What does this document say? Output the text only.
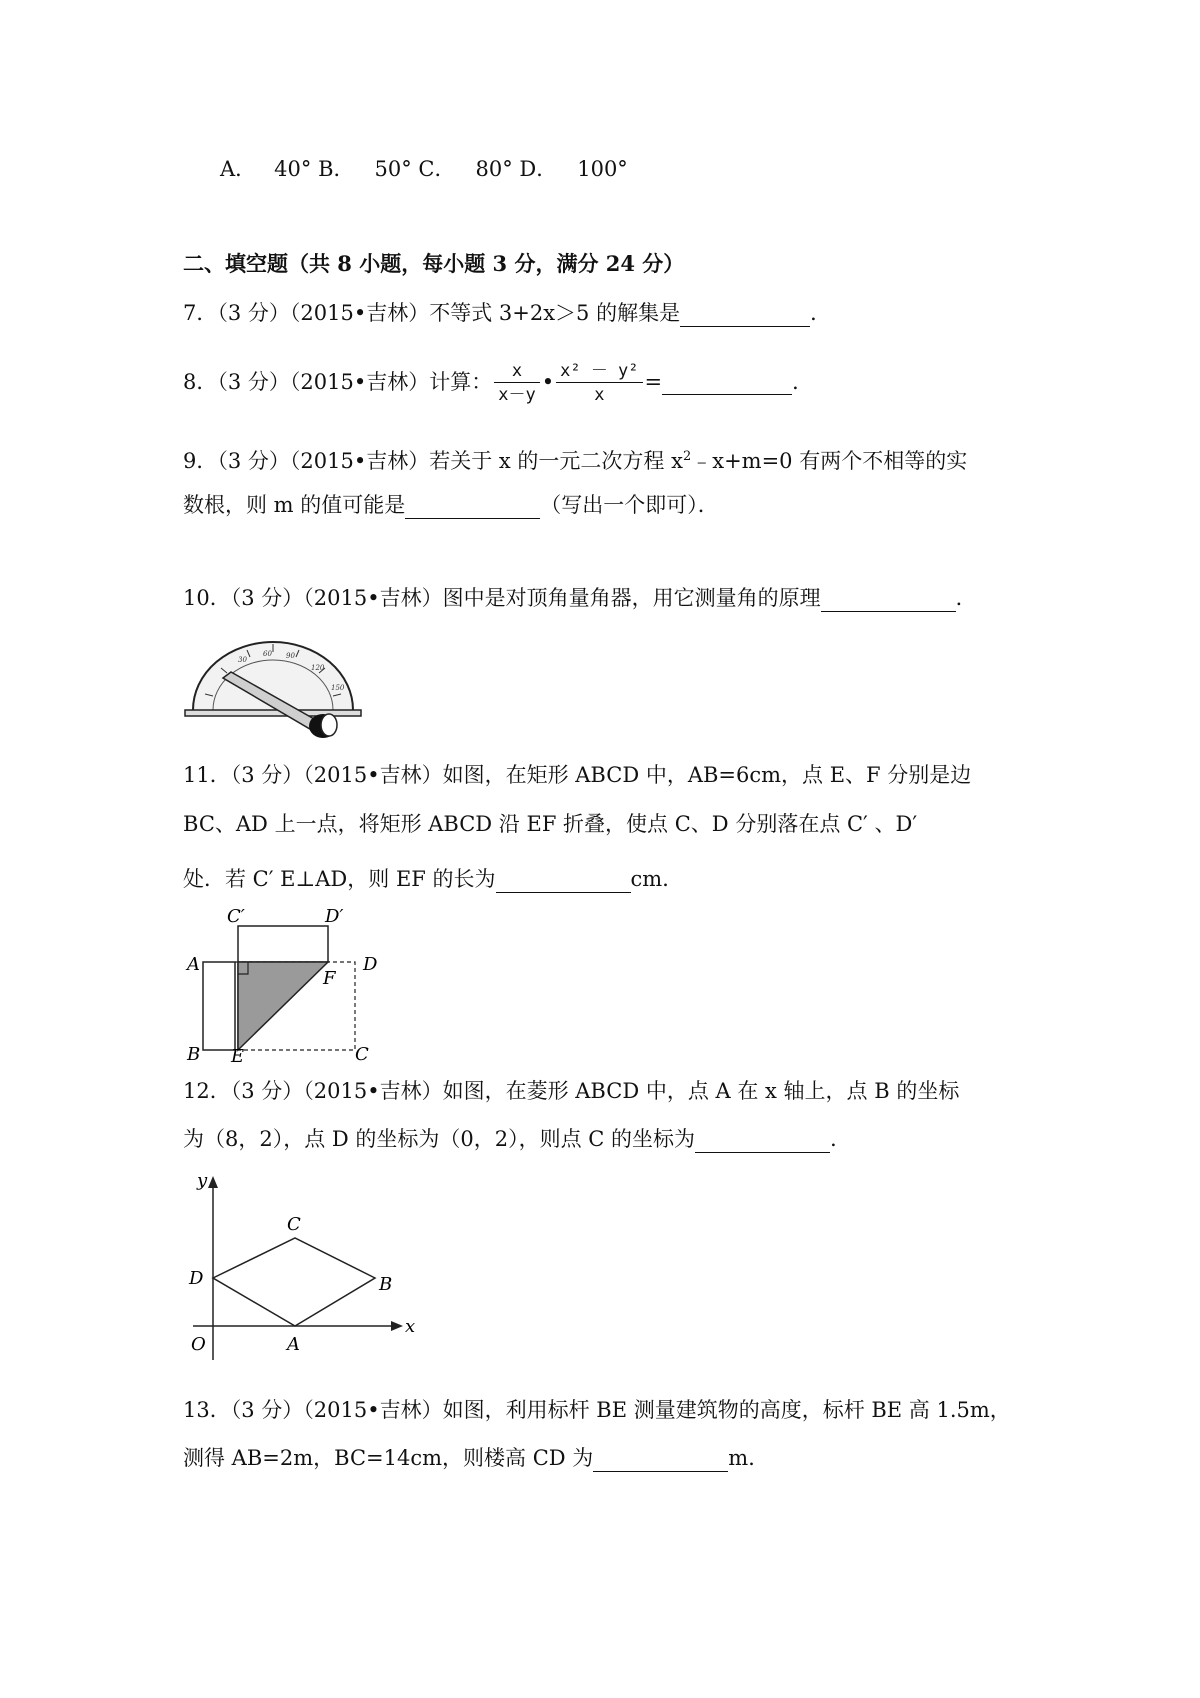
A． 40° B． 50° C． 80° D． 100°
二、填空题（共 8 小题，每小题 3 分，满分 24 分）
7．（3 分）（2015•吉林）不等式 3+2x＞5 的解集是	．
8．（3 分）（2015•吉林）计算： $\frac{x}{x-y}$ • $\frac{\text{x² － y²}}{x}$ =	．
9．（3 分）（2015•吉林）若关于 x 的一元二次方程 $x^2﹣x+m=0$ 有两个不相等的实
数根，则 m 的值可能是	（写出一个即可）．
10．（3 分）（2015•吉林）图中是对顶角量角器，用它测量角的原理	．
30
60 90
120
150
11．（3 分）（2015•吉林）如图，在矩形 ABCD 中，AB=6cm，点 E、F 分别是边
BC、AD 上一点，将矩形 ABCD 沿 EF 折叠，使点 C、D 分别落在点 C′ 、D′
处．若 C′ E⊥AD，则 EF 的长为	cm．
A
B	C
D
E
F
C′	D′
12．（3 分）（2015•吉林）如图，在菱形 ABCD 中，点 A 在 x 轴上，点 B 的坐标
为（8，2），点 D 的坐标为（0，2），则点 C 的坐标为	．
y
x
O	A
B
C
D
13．（3 分）（2015•吉林）如图，利用标杆 BE 测量建筑物的高度，标杆 BE 高 1.5m，
测得 AB=2m，BC=14cm，则楼高 CD 为	m．
